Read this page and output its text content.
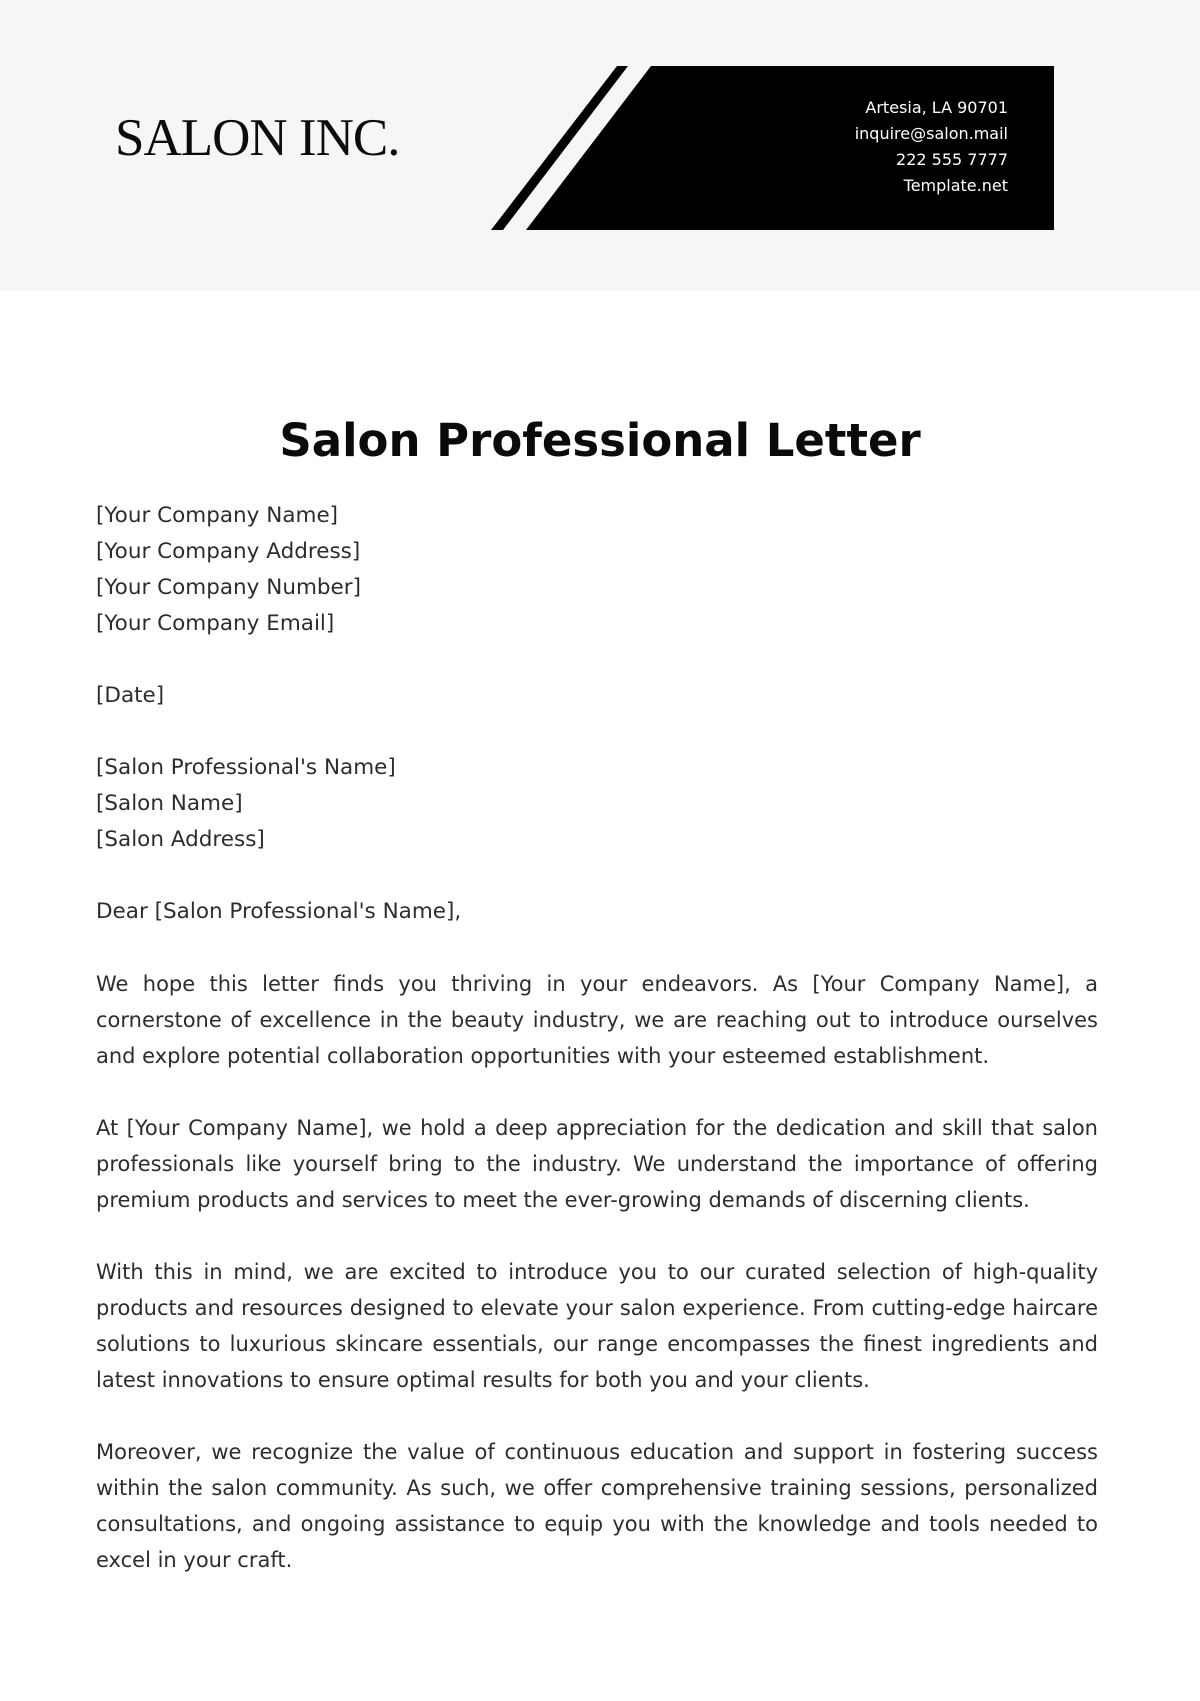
SALON INC.
Artesia, LA 90701
inquire@salon.mail
222 555 7777
Template.net
Salon Professional Letter
[Your Company Name]
[Your Company Address]
[Your Company Number]
[Your Company Email]
[Date]
[Salon Professional's Name]
[Salon Name]
[Salon Address]
Dear [Salon Professional's Name],

We hope this letter finds you thriving in your endeavors. As [Your Company Name], a cornerstone of excellence in the beauty industry, we are reaching out to introduce ourselves and explore potential collaboration opportunities with your esteemed establishment.

At [Your Company Name], we hold a deep appreciation for the dedication and skill that salon professionals like yourself bring to the industry. We understand the importance of offering premium products and services to meet the ever-growing demands of discerning clients.

With this in mind, we are excited to introduce you to our curated selection of high-quality products and resources designed to elevate your salon experience. From cutting-edge haircare solutions to luxurious skincare essentials, our range encompasses the finest ingredients and latest innovations to ensure optimal results for both you and your clients.

Moreover, we recognize the value of continuous education and support in fostering success within the salon community. As such, we offer comprehensive training sessions, personalized consultations, and ongoing assistance to equip you with the knowledge and tools needed to excel in your craft.
